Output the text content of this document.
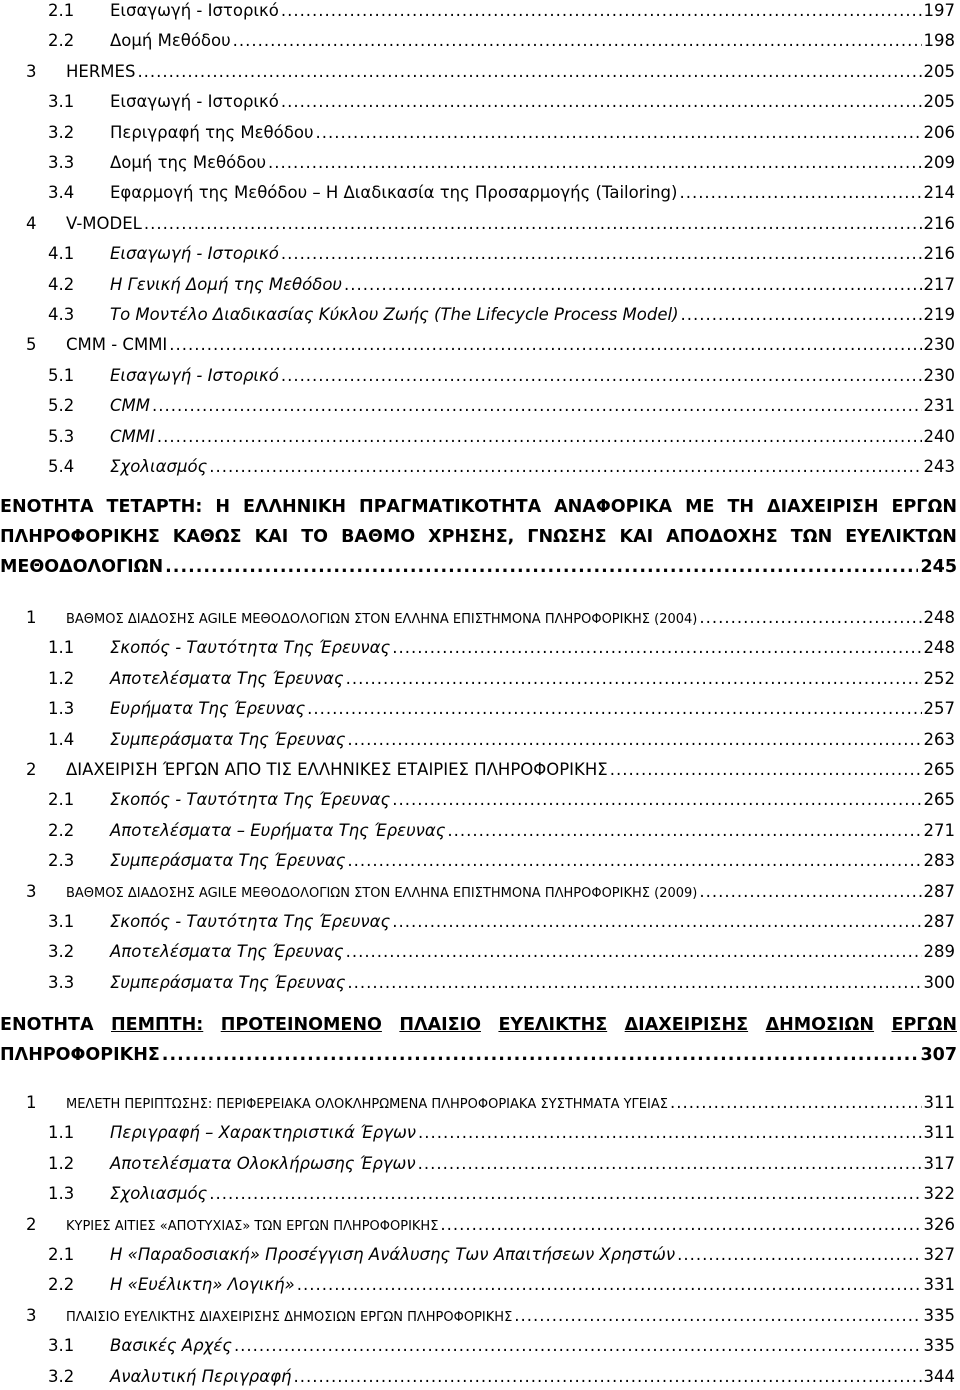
2.1	Εισαγωγή - Ιστορικό .....	197
2.2	Δομή Μεθόδου .....	198
3	HERMES .....	205
3.1	Εισαγωγή - Ιστορικό .....	205
3.2	Περιγραφή της Μεθόδου .....	206
3.3	Δομή της Μεθόδου .....	209
3.4	Εφαρμογή της Μεθόδου – Η Διαδικασία της Προσαρμογής (Tailoring) .....	214
4	V-MODEL .....	216
4.1	Εισαγωγή - Ιστορικό .....	216
4.2	Η Γενική Δομή της Μεθόδου .....	217
4.3	Το Μοντέλο Διαδικασίας Κύκλου Ζωής (The Lifecycle Process Model) .....	219
5	CMM - CMMI .....	230
5.1	Εισαγωγή - Ιστορικό .....	230
5.2	CMM .....	231
5.3	CMMI .....	240
5.4	Σχολιασμός .....	243
ΕΝΟΤΗΤΑ ΤΕΤΑΡΤΗ: Η ΕΛΛΗΝΙΚΗ ΠΡΑΓΜΑΤΙΚΟΤΗΤΑ ΑΝΑΦΟΡΙΚΑ ΜΕ ΤΗ ΔΙΑΧΕΙΡΙΣΗ ΕΡΓΩΝ
ΠΛΗΡΟΦΟΡΙΚΗΣ ΚΑΘΩΣ ΚΑΙ ΤΟ ΒΑΘΜΟ ΧΡΗΣΗΣ, ΓΝΩΣΗΣ ΚΑΙ ΑΠΟΔΟΧΗΣ ΤΩΝ ΕΥΕΛΙΚΤΩΝ
ΜΕΘΟΔΟΛΟΓΙΩΝ .....	245
1	ΒΑΘΜΟΣ ΔΙΑΔΟΣΗΣ AGILE ΜΕΘΟΔΟΛΟΓΙΩΝ ΣΤΟΝ ΕΛΛΗΝΑ ΕΠΙΣΤΗΜΟΝΑ ΠΛΗΡΟΦΟΡΙΚΗΣ (2004) .....	248
1.1	Σκοπός - Ταυτότητα Της Έρευνας .....	248
1.2	Αποτελέσματα Της Έρευνας .....	252
1.3	Ευρήματα Της Έρευνας .....	257
1.4	Συμπεράσματα Της Έρευνας .....	263
2	ΔΙΑΧΕΙΡΙΣΗ ΈΡΓΩΝ ΑΠΟ ΤΙΣ ΕΛΛΗΝΙΚΕΣ ΕΤΑΙΡΙΕΣ ΠΛΗΡΟΦΟΡΙΚΗΣ .....	265
2.1	Σκοπός - Ταυτότητα Της Έρευνας .....	265
2.2	Αποτελέσματα – Ευρήματα Της Έρευνας .....	271
2.3	Συμπεράσματα Της Έρευνας .....	283
3	ΒΑΘΜΟΣ ΔΙΑΔΟΣΗΣ AGILE ΜΕΘΟΔΟΛΟΓΙΩΝ ΣΤΟΝ ΕΛΛΗΝΑ ΕΠΙΣΤΗΜΟΝΑ ΠΛΗΡΟΦΟΡΙΚΗΣ (2009) .....	287
3.1	Σκοπός - Ταυτότητα Της Έρευνας .....	287
3.2	Αποτελέσματα Της Έρευνας .....	289
3.3	Συμπεράσματα Της Έρευνας .....	300
ΕΝΟΤΗΤΑ ΠΕΜΠΤΗ: ΠΡΟΤΕΙΝΟΜΕΝΟ ΠΛΑΙΣΙΟ ΕΥΕΛΙΚΤΗΣ ΔΙΑΧΕΙΡΙΣΗΣ ΔΗΜΟΣΙΩΝ ΕΡΓΩΝ
ΠΛΗΡΟΦΟΡΙΚΗΣ .....	307
1	ΜΕΛΕΤΗ ΠΕΡΙΠΤΩΣΗΣ: ΠΕΡΙΦΕΡΕΙΑΚΑ ΟΛΟΚΛΗΡΩΜΕΝΑ ΠΛΗΡΟΦΟΡΙΑΚΑ ΣΥΣΤΗΜΑΤΑ ΥΓΕΙΑΣ .....	311
1.1	Περιγραφή – Χαρακτηριστικά Έργων .....	311
1.2	Αποτελέσματα Ολοκλήρωσης Έργων .....	317
1.3	Σχολιασμός .....	322
2	ΚΥΡΙΕΣ ΑΙΤΙΕΣ «ΑΠΟΤΥΧΙΑΣ» ΤΩΝ ΕΡΓΩΝ ΠΛΗΡΟΦΟΡΙΚΗΣ .....	326
2.1	Η «Παραδοσιακή» Προσέγγιση Ανάλυσης Των Απαιτήσεων Χρηστών .....	327
2.2	Η «Ευέλικτη» Λογική» .....	331
3	ΠΛΑΙΣΙΟ ΕΥΕΛΙΚΤΗΣ ΔΙΑΧΕΙΡΙΣΗΣ ΔΗΜΟΣΙΩΝ ΕΡΓΩΝ ΠΛΗΡΟΦΟΡΙΚΗΣ .....	335
3.1	Βασικές Αρχές .....	335
3.2	Αναλυτική Περιγραφή .....	344
